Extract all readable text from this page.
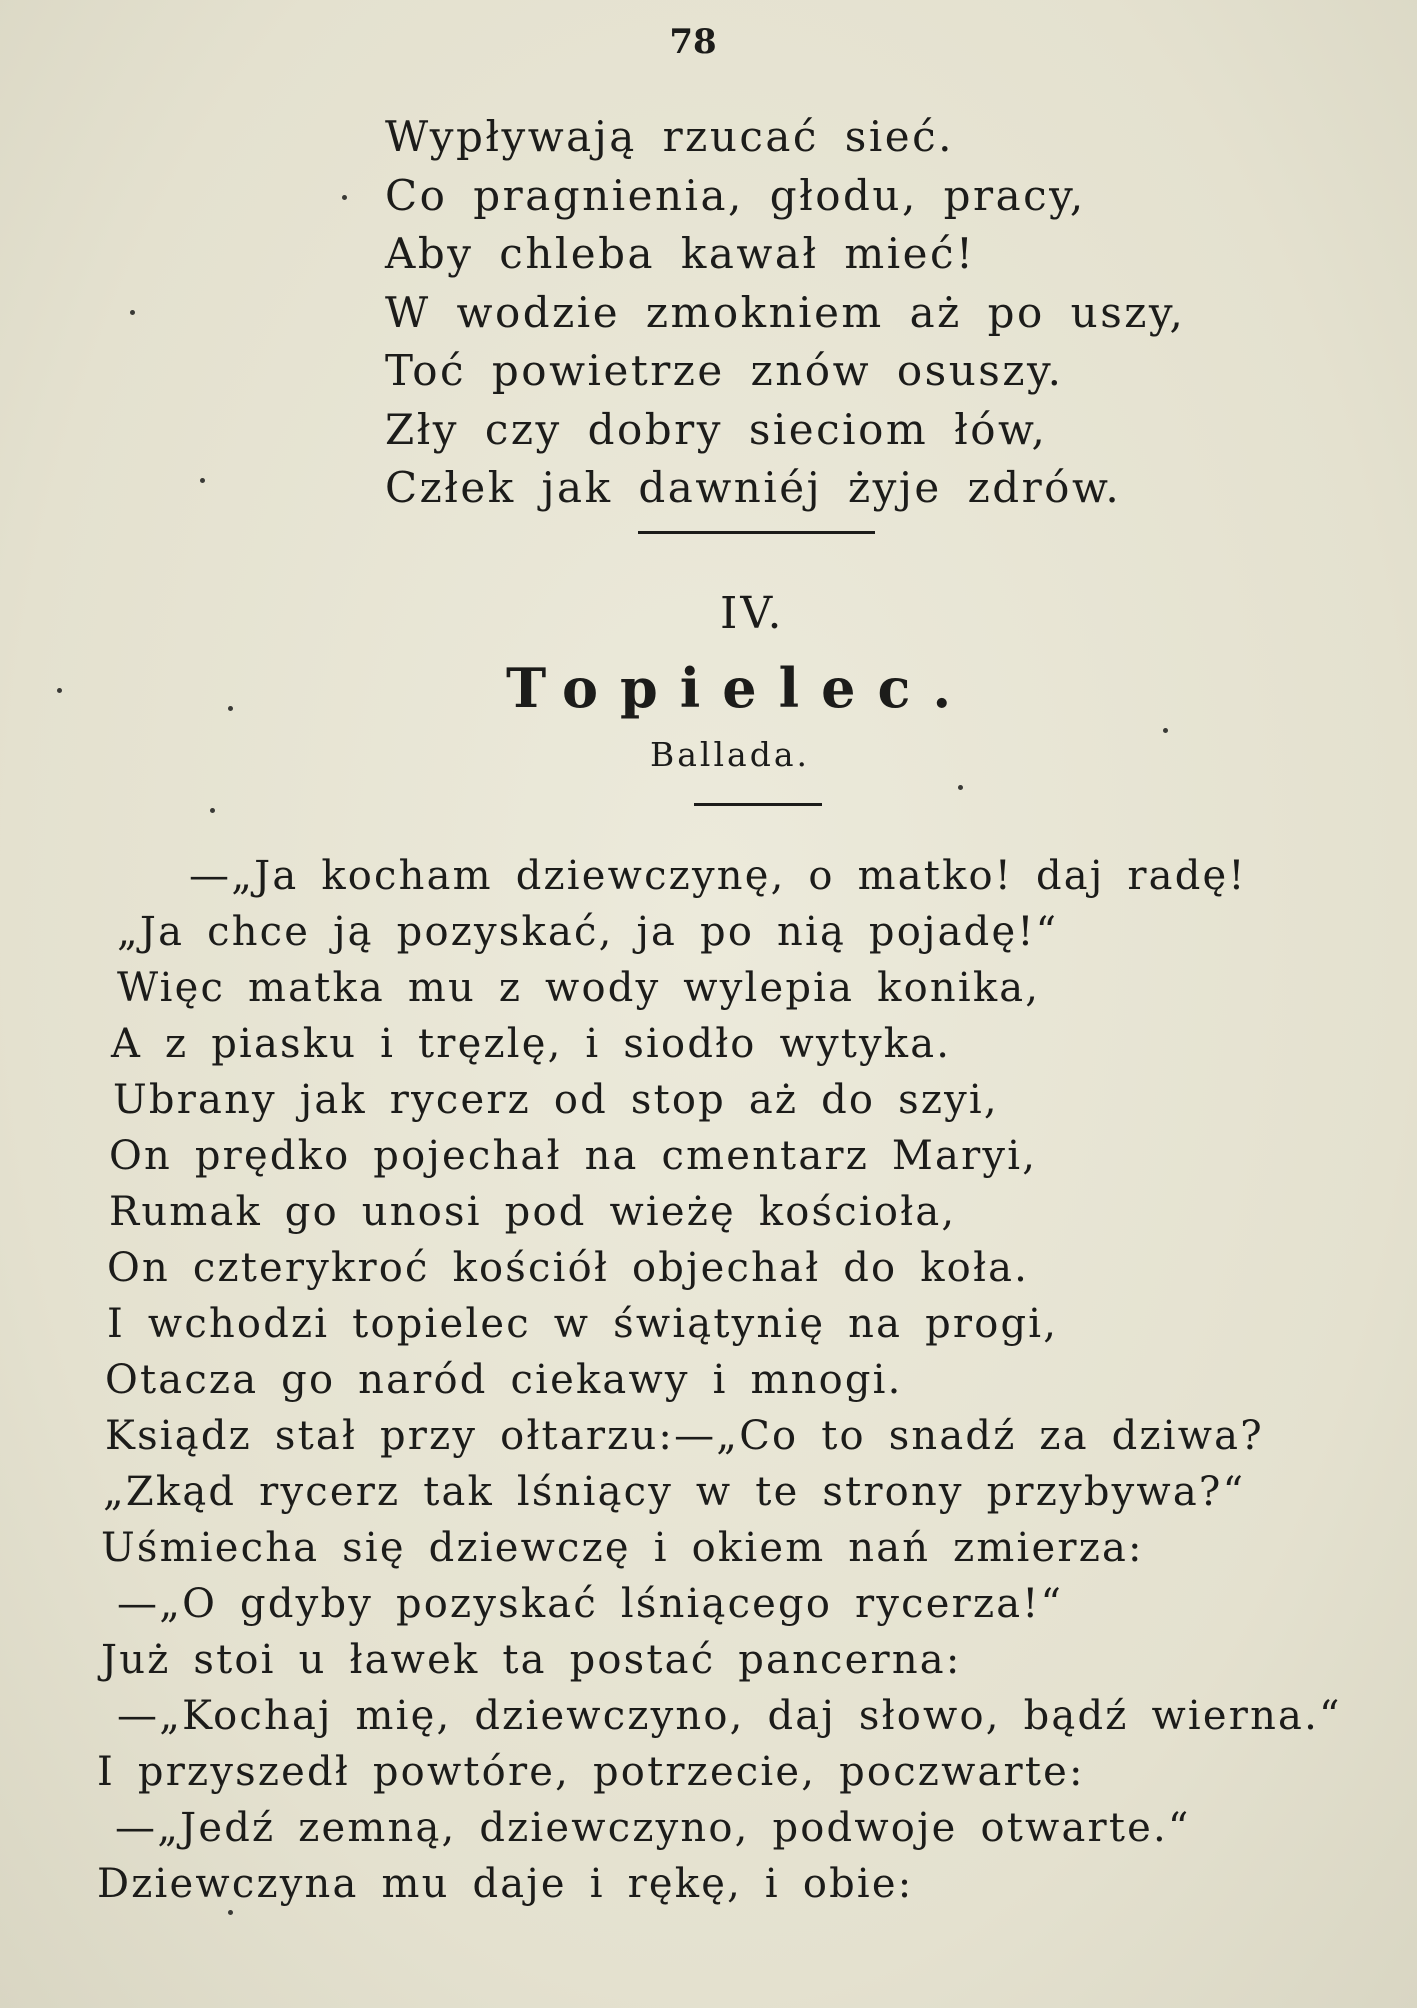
78
Wypływają rzucać sieć.
Co pragnienia, głodu, pracy,
Aby chleba kawał mieć!
W wodzie zmokniem aż po uszy,
Toć powietrze znów osuszy.
Zły czy dobry sieciom łów,
Człek jak dawniéj żyje zdrów.
IV.
Topielec.
Ballada.
—„Ja kocham dziewczynę, o matko! daj radę!
„Ja chce ją pozyskać, ja po nią pojadę!“
Więc matka mu z wody wylepia konika,
A z piasku i tręzlę, i siodło wytyka.
Ubrany jak rycerz od stop aż do szyi,
On prędko pojechał na cmentarz Maryi,
Rumak go unosi pod wieżę kościoła,
On czterykroć kościół objechał do koła.
I wchodzi topielec w świątynię na progi,
Otacza go naród ciekawy i mnogi.
Ksiądz stał przy ołtarzu:—„Co to snadź za dziwa?
„Zkąd rycerz tak lśniący w te strony przybywa?“
Uśmiecha się dziewczę i okiem nań zmierza:
—„O gdyby pozyskać lśniącego rycerza!“
Już stoi u ławek ta postać pancerna:
—„Kochaj mię, dziewczyno, daj słowo, bądź wierna.“
I przyszedł powtóre, potrzecie, poczwarte:
—„Jedź zemną, dziewczyno, podwoje otwarte.“
Dziewczyna mu daje i rękę, i obie:
